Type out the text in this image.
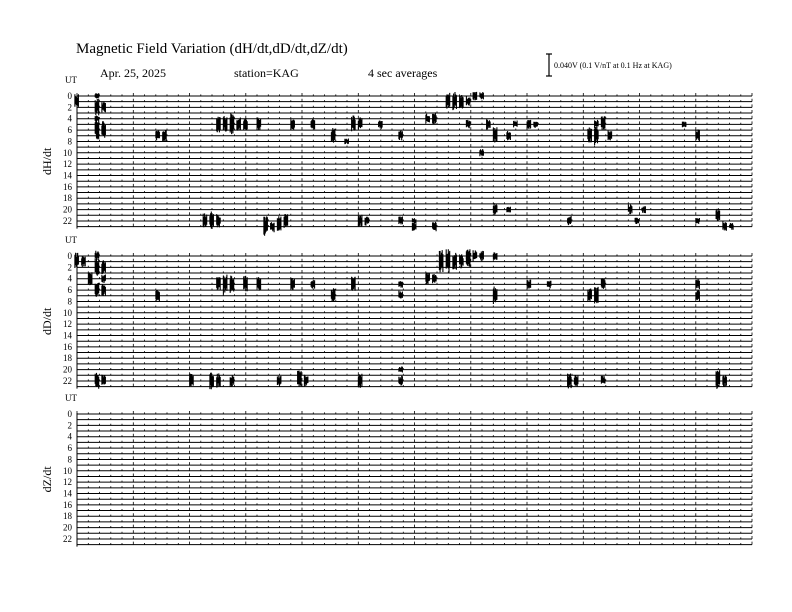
Magnetic Field Variation (dH/dt,dD/dt,dZ/dt)
Apr. 25, 2025	station=KAG	4 sec averages
0.040V (0.1 V/nT at 0.1 Hz at KAG)
UT
dH/dt
0
2
4
6
8
10
12
14
16
18
20
22
UT
dD/dt
0
2
4
6
8
10
12
14
16
18
20
22
UT
dZ/dt
0
2
4
6
8
10
12
14
16
18
20
22
